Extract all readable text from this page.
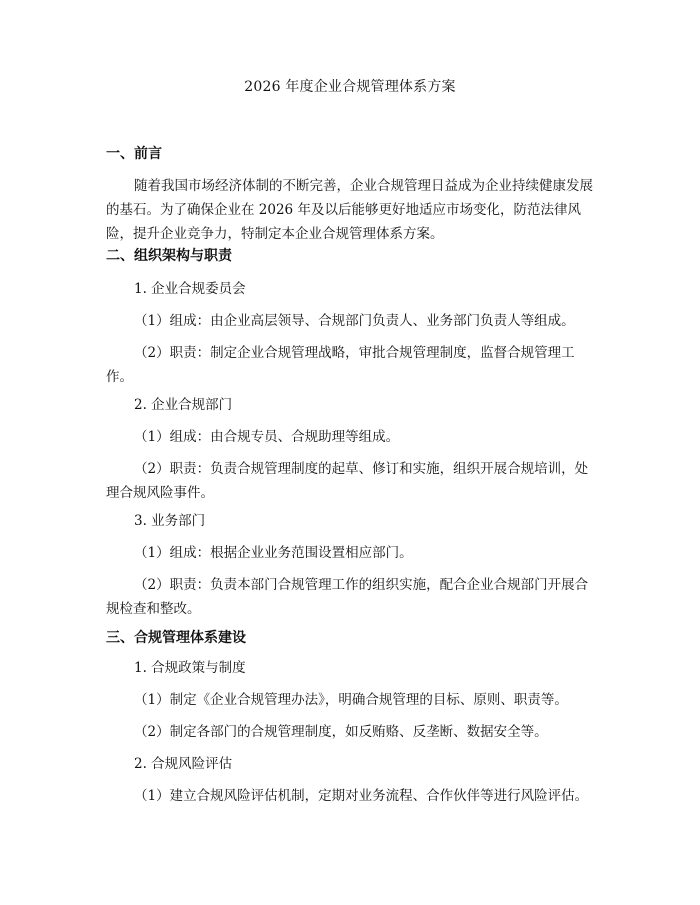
2026 年度企业合规管理体系方案
一、前言
随着我国市场经济体制的不断完善，企业合规管理日益成为企业持续健康发展的基石。为了确保企业在 2026 年及以后能够更好地适应市场变化，防范法律风险，提升企业竞争力，特制定本企业合规管理体系方案。
二、组织架构与职责
1. 企业合规委员会
（1）组成：由企业高层领导、合规部门负责人、业务部门负责人等组成。
（2）职责：制定企业合规管理战略，审批合规管理制度，监督合规管理工作。
2. 企业合规部门
（1）组成：由合规专员、合规助理等组成。
（2）职责：负责合规管理制度的起草、修订和实施，组织开展合规培训，处理合规风险事件。
3. 业务部门
（1）组成：根据企业业务范围设置相应部门。
（2）职责：负责本部门合规管理工作的组织实施，配合企业合规部门开展合规检查和整改。
三、合规管理体系建设
1. 合规政策与制度
（1）制定《企业合规管理办法》，明确合规管理的目标、原则、职责等。
（2）制定各部门的合规管理制度，如反贿赂、反垄断、数据安全等。
2. 合规风险评估
（1）建立合规风险评估机制，定期对业务流程、合作伙伴等进行风险评估。
